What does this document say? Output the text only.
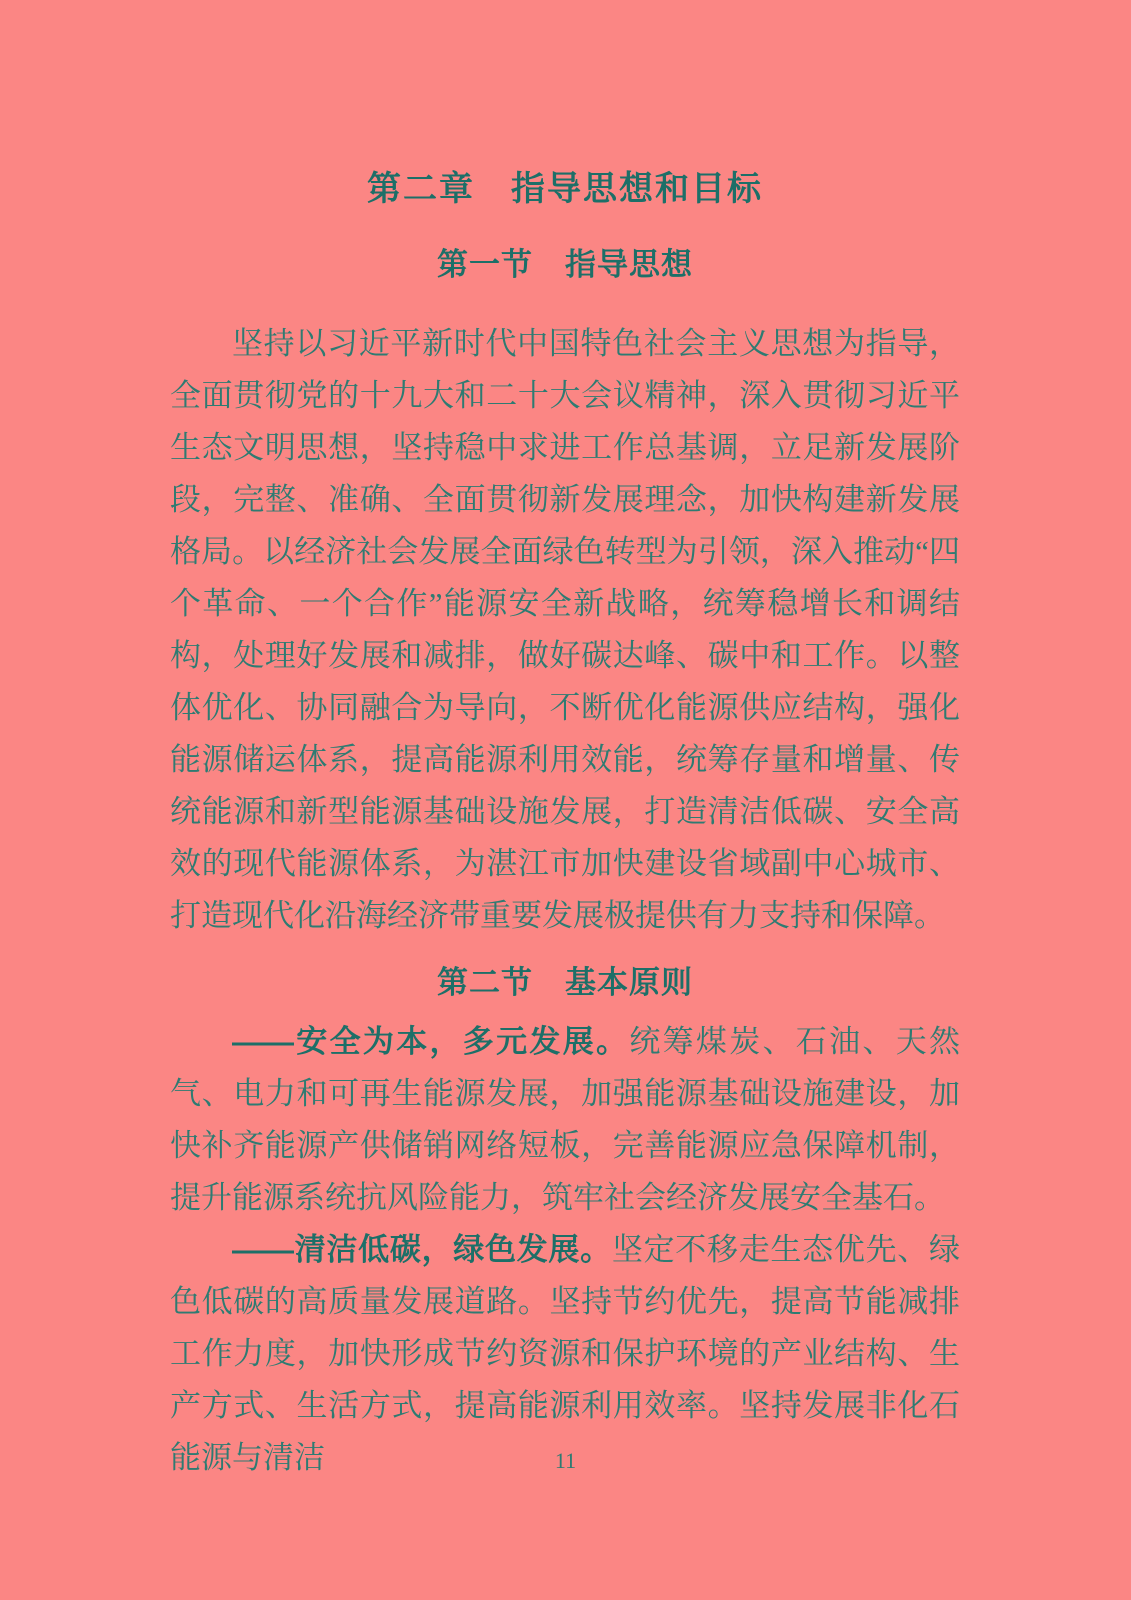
第二章　指导思想和目标
第一节　指导思想

坚持以习近平新时代中国特色社会主义思想为指导，全面贯彻党的十九大和二十大会议精神，深入贯彻习近平生态文明思想，坚持稳中求进工作总基调，立足新发展阶段，完整、准确、全面贯彻新发展理念，加快构建新发展格局。以经济社会发展全面绿色转型为引领，深入推动“四个革命、一个合作”能源安全新战略，统筹稳增长和调结构，处理好发展和减排，做好碳达峰、碳中和工作。以整体优化、协同融合为导向，不断优化能源供应结构，强化能源储运体系，提高能源利用效能，统筹存量和增量、传统能源和新型能源基础设施发展，打造清洁低碳、安全高效的现代能源体系，为湛江市加快建设省域副中心城市、打造现代化沿海经济带重要发展极提供有力支持和保障。

第二节　基本原则

——安全为本，多元发展。统筹煤炭、石油、天然气、电力和可再生能源发展，加强能源基础设施建设，加快补齐能源产供储销网络短板，完善能源应急保障机制，提升能源系统抗风险能力，筑牢社会经济发展安全基石。

——清洁低碳，绿色发展。坚定不移走生态优先、绿色低碳的高质量发展道路。坚持节约优先，提高节能减排工作力度，加快形成节约资源和保护环境的产业结构、生产方式、生活方式，提高能源利用效率。坚持发展非化石能源与清洁	11
